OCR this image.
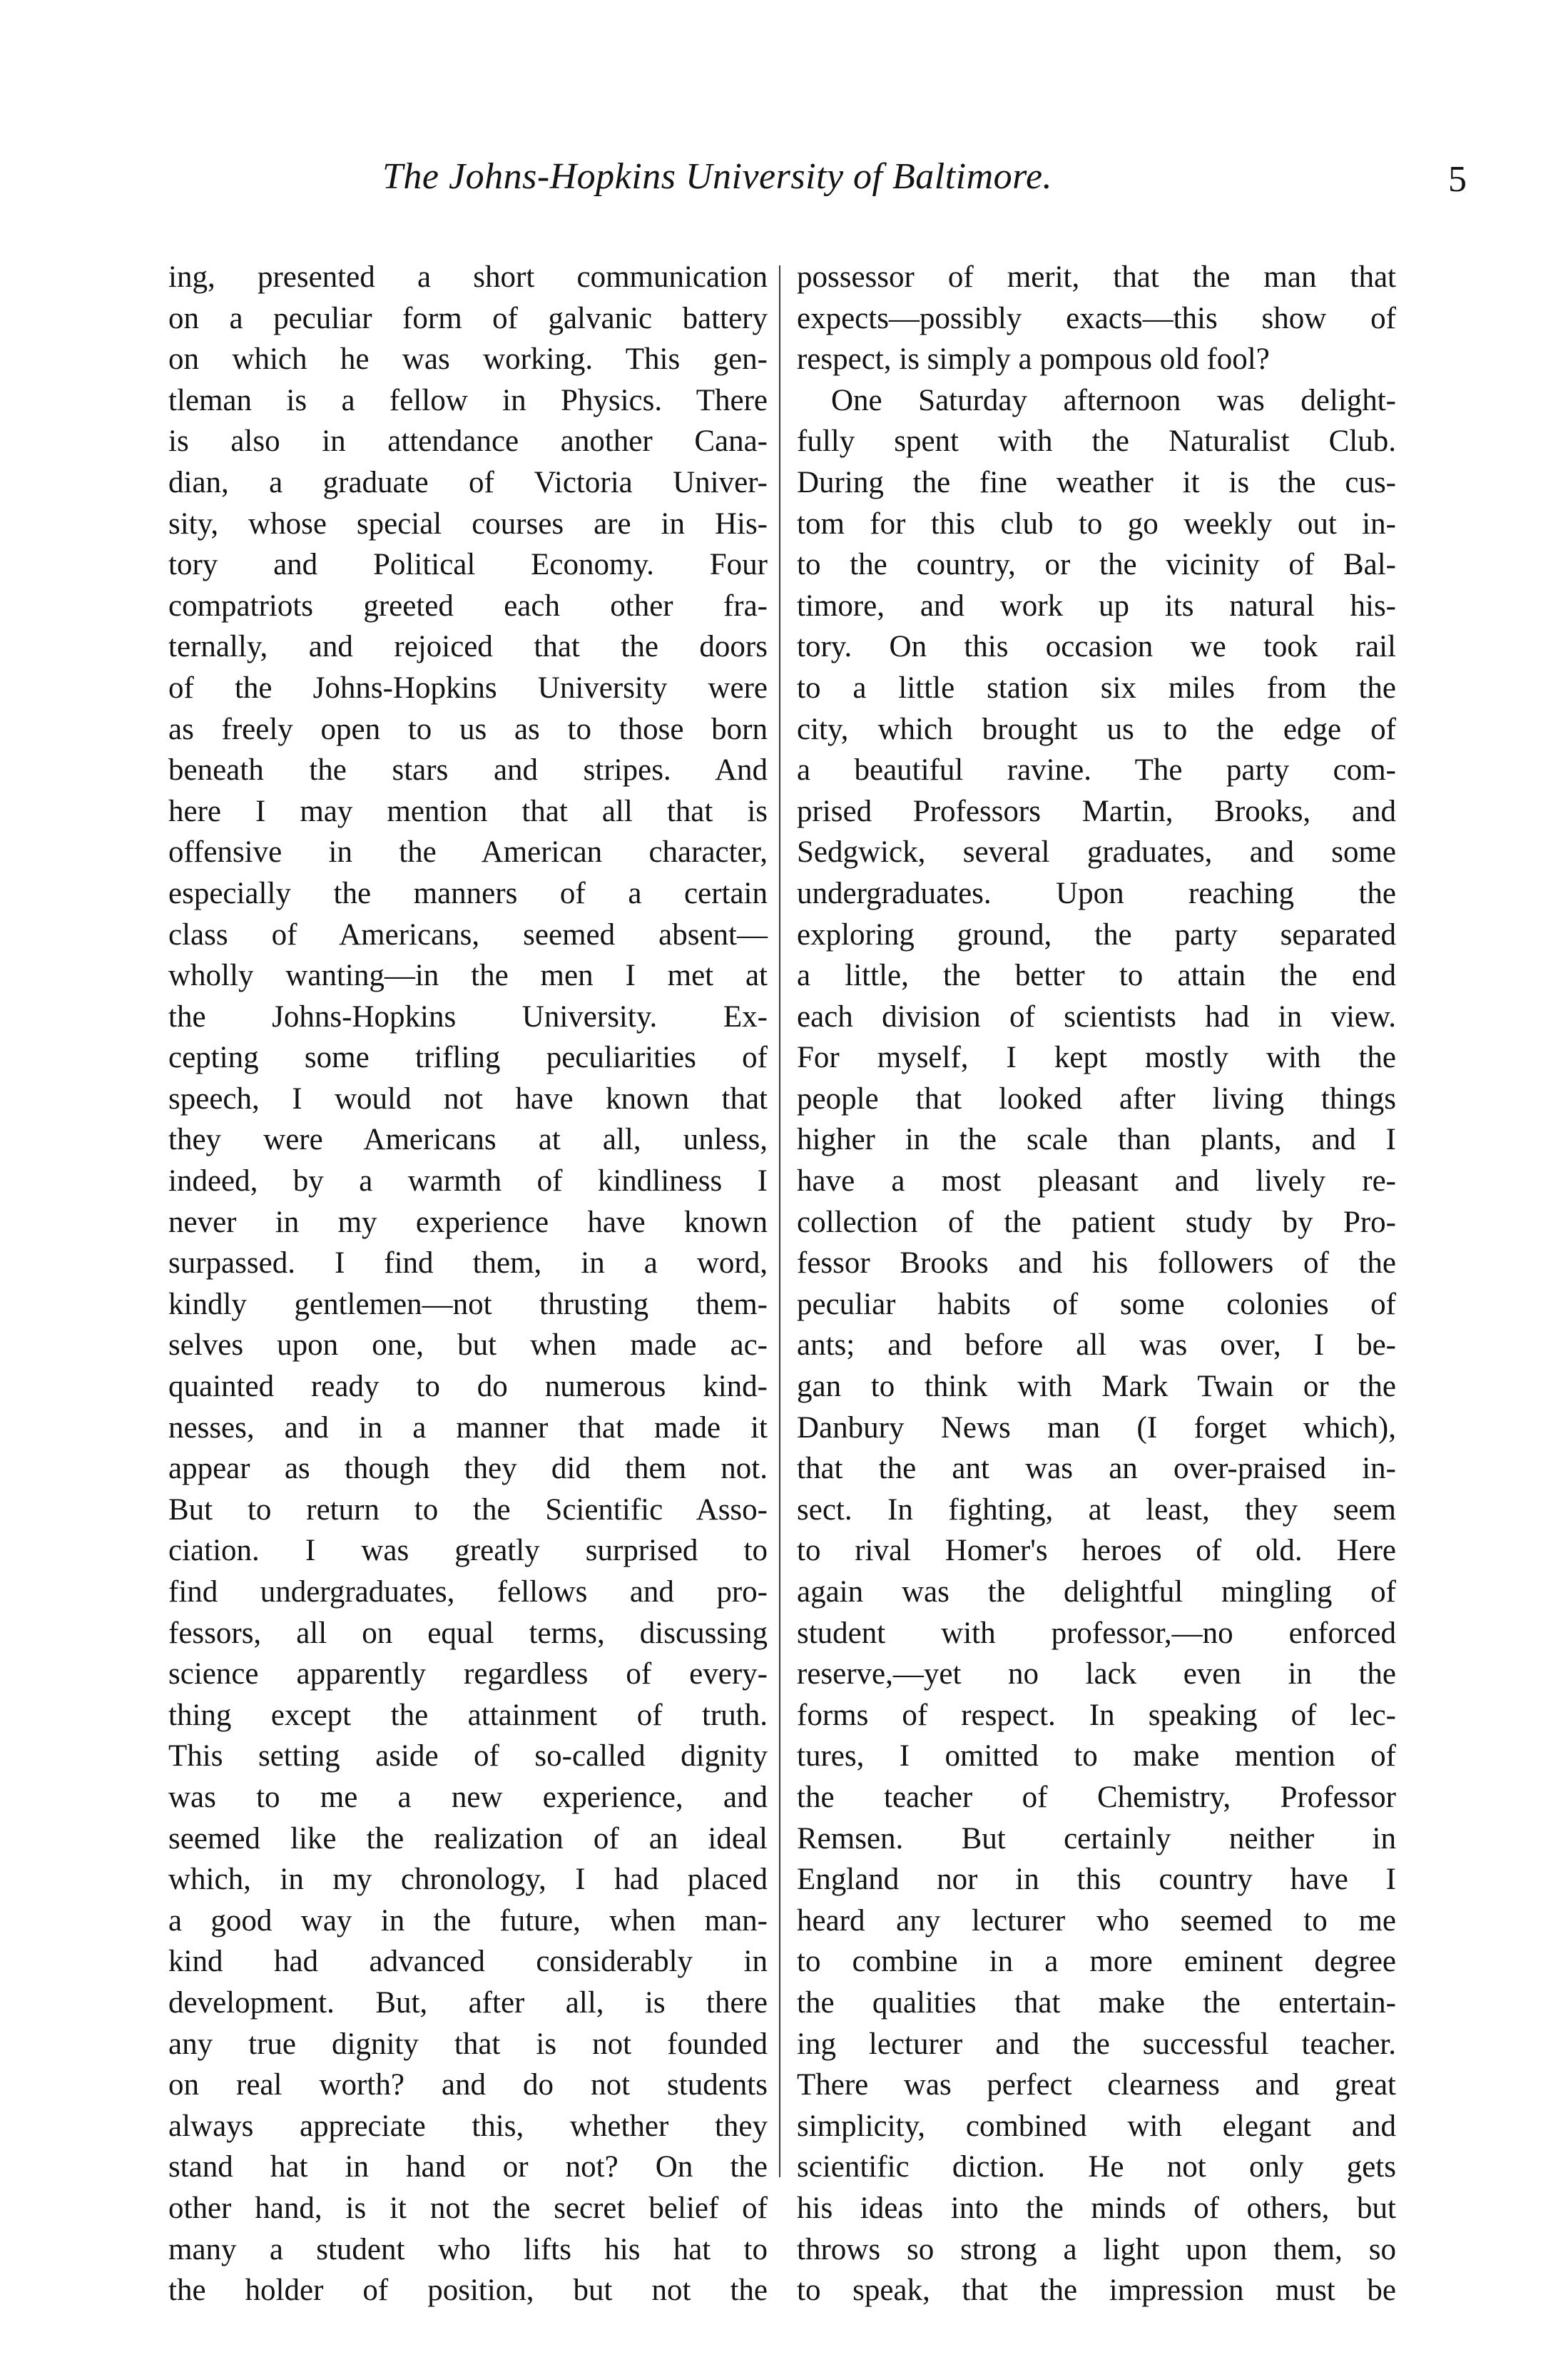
The Johns-Hopkins University of Baltimore.	5
ing, presented a short communication
on a peculiar form of galvanic battery
on which he was working. This gen-
tleman is a fellow in Physics. There
is also in attendance another Cana-
dian, a graduate of Victoria Univer-
sity, whose special courses are in His-
tory and Political Economy. Four
compatriots greeted each other fra-
ternally, and rejoiced that the doors
of the Johns-Hopkins University were
as freely open to us as to those born
beneath the stars and stripes. And
here I may mention that all that is
offensive in the American character,
especially the manners of a certain
class of Americans, seemed absent—
wholly wanting—in the men I met at
the Johns-Hopkins University. Ex-
cepting some trifling peculiarities of
speech, I would not have known that
they were Americans at all, unless,
indeed, by a warmth of kindliness I
never in my experience have known
surpassed. I find them, in a word,
kindly gentlemen—not thrusting them-
selves upon one, but when made ac-
quainted ready to do numerous kind-
nesses, and in a manner that made it
appear as though they did them not.
But to return to the Scientific Asso-
ciation. I was greatly surprised to
find undergraduates, fellows and pro-
fessors, all on equal terms, discussing
science apparently regardless of every-
thing except the attainment of truth.
This setting aside of so-called dignity
was to me a new experience, and
seemed like the realization of an ideal
which, in my chronology, I had placed
a good way in the future, when man-
kind had advanced considerably in
development. But, after all, is there
any true dignity that is not founded
on real worth? and do not students
always appreciate this, whether they
stand hat in hand or not? On the
other hand, is it not the secret belief of
many a student who lifts his hat to
the holder of position, but not the
possessor of merit, that the man that
expects—possibly exacts—this show of
respect, is simply a pompous old fool?
One Saturday afternoon was delight-
fully spent with the Naturalist Club.
During the fine weather it is the cus-
tom for this club to go weekly out in-
to the country, or the vicinity of Bal-
timore, and work up its natural his-
tory. On this occasion we took rail
to a little station six miles from the
city, which brought us to the edge of
a beautiful ravine. The party com-
prised Professors Martin, Brooks, and
Sedgwick, several graduates, and some
undergraduates. Upon reaching the
exploring ground, the party separated
a little, the better to attain the end
each division of scientists had in view.
For myself, I kept mostly with the
people that looked after living things
higher in the scale than plants, and I
have a most pleasant and lively re-
collection of the patient study by Pro-
fessor Brooks and his followers of the
peculiar habits of some colonies of
ants; and before all was over, I be-
gan to think with Mark Twain or the
Danbury News man (I forget which),
that the ant was an over-praised in-
sect. In fighting, at least, they seem
to rival Homer's heroes of old. Here
again was the delightful mingling of
student with professor,—no enforced
reserve,—yet no lack even in the
forms of respect. In speaking of lec-
tures, I omitted to make mention of
the teacher of Chemistry, Professor
Remsen. But certainly neither in
England nor in this country have I
heard any lecturer who seemed to me
to combine in a more eminent degree
the qualities that make the entertain-
ing lecturer and the successful teacher.
There was perfect clearness and great
simplicity, combined with elegant and
scientific diction. He not only gets
his ideas into the minds of others, but
throws so strong a light upon them, so
to speak, that the impression must be
